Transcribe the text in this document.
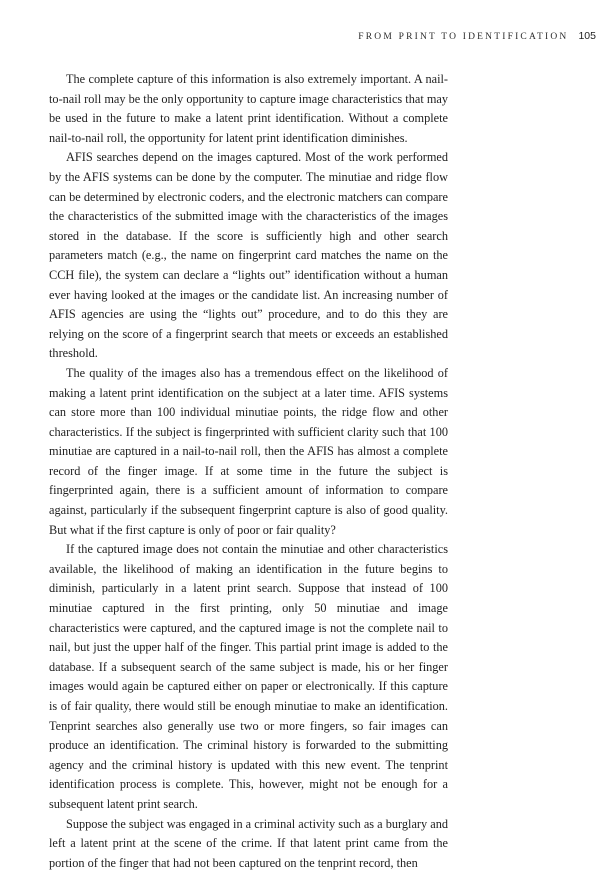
FROM PRINT TO IDENTIFICATION 105

The complete capture of this information is also extremely important. A nail-to-nail roll may be the only opportunity to capture image characteristics that may be used in the future to make a latent print identification. Without a complete nail-to-nail roll, the opportunity for latent print identification diminishes.

AFIS searches depend on the images captured. Most of the work performed by the AFIS systems can be done by the computer. The minutiae and ridge flow can be determined by electronic coders, and the electronic matchers can compare the characteristics of the submitted image with the characteristics of the images stored in the database. If the score is sufficiently high and other search parameters match (e.g., the name on fingerprint card matches the name on the CCH file), the system can declare a “lights out” identification without a human ever having looked at the images or the candidate list. An increasing number of AFIS agencies are using the “lights out” procedure, and to do this they are relying on the score of a fingerprint search that meets or exceeds an established threshold.

The quality of the images also has a tremendous effect on the likelihood of making a latent print identification on the subject at a later time. AFIS systems can store more than 100 individual minutiae points, the ridge flow and other characteristics. If the subject is fingerprinted with sufficient clarity such that 100 minutiae are captured in a nail-to-nail roll, then the AFIS has almost a complete record of the finger image. If at some time in the future the subject is fingerprinted again, there is a sufficient amount of information to compare against, particularly if the subsequent fingerprint capture is also of good quality. But what if the first capture is only of poor or fair quality?

If the captured image does not contain the minutiae and other characteristics available, the likelihood of making an identification in the future begins to diminish, particularly in a latent print search. Suppose that instead of 100 minutiae captured in the first printing, only 50 minutiae and image characteristics were captured, and the captured image is not the complete nail to nail, but just the upper half of the finger. This partial print image is added to the database. If a subsequent search of the same subject is made, his or her finger images would again be captured either on paper or electronically. If this capture is of fair quality, there would still be enough minutiae to make an identification. Tenprint searches also generally use two or more fingers, so fair images can produce an identification. The criminal history is forwarded to the submitting agency and the criminal history is updated with this new event. The tenprint identification process is complete. This, however, might not be enough for a subsequent latent print search.

Suppose the subject was engaged in a criminal activity such as a burglary and left a latent print at the scene of the crime. If that latent print came from the portion of the finger that had not been captured on the tenprint record, then
